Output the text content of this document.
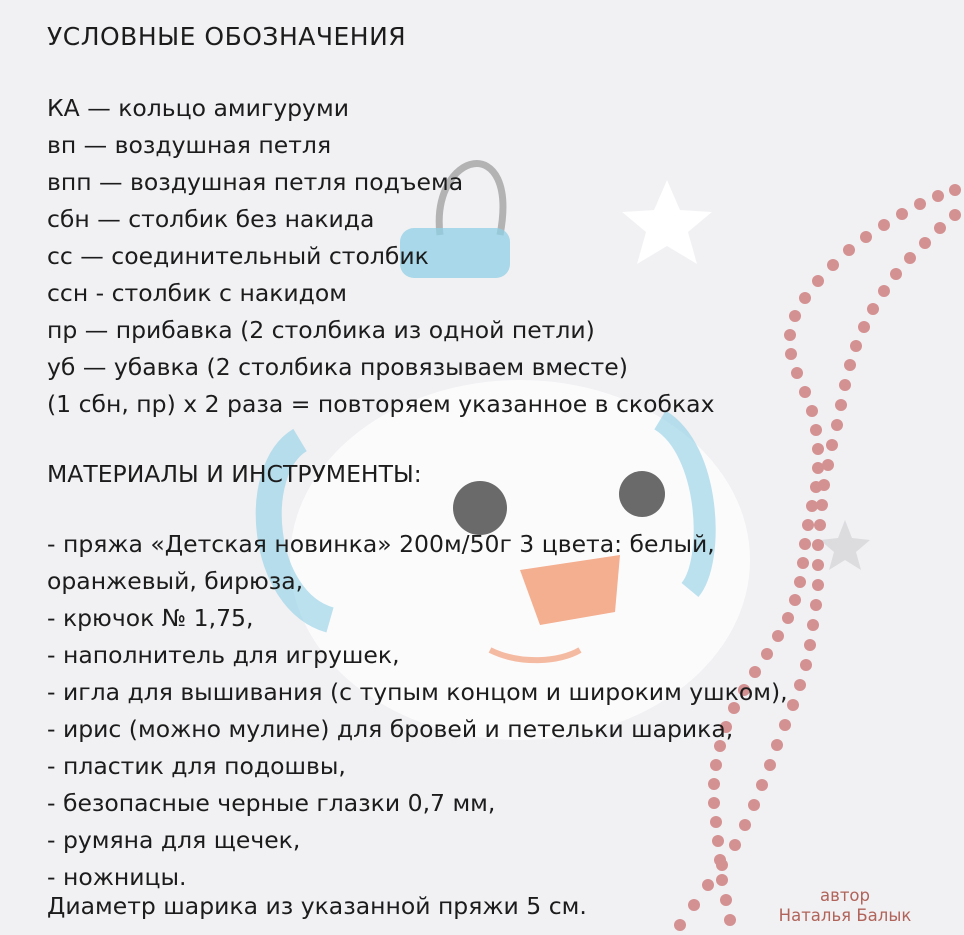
УСЛОВНЫЕ ОБОЗНАЧЕНИЯ
КА — кольцо амигуруми
вп — воздушная петля
впп — воздушная петля подъема
сбн — столбик без накида
сс — соединительный столбик
ссн - столбик с накидом
пр — прибавка (2 столбика из одной петли)
уб — убавка (2 столбика провязываем вместе)
(1 сбн, пр) х 2 раза = повторяем указанное в скобках
МАТЕРИАЛЫ И ИНСТРУМЕНТЫ:
- пряжа «Детская новинка» 200м/50г 3 цвета: белый,
оранжевый, бирюза,
- крючок № 1,75,
- наполнитель для игрушек,
- игла для вышивания (с тупым концом и широким ушком),
- ирис (можно мулине) для бровей и петельки шарика,
- пластик для подошвы,
- безопасные черные глазки 0,7 мм,
- румяна для щечек,
- ножницы.
Диаметр шарика из указанной пряжи 5 см.	автор
Наталья Балык
